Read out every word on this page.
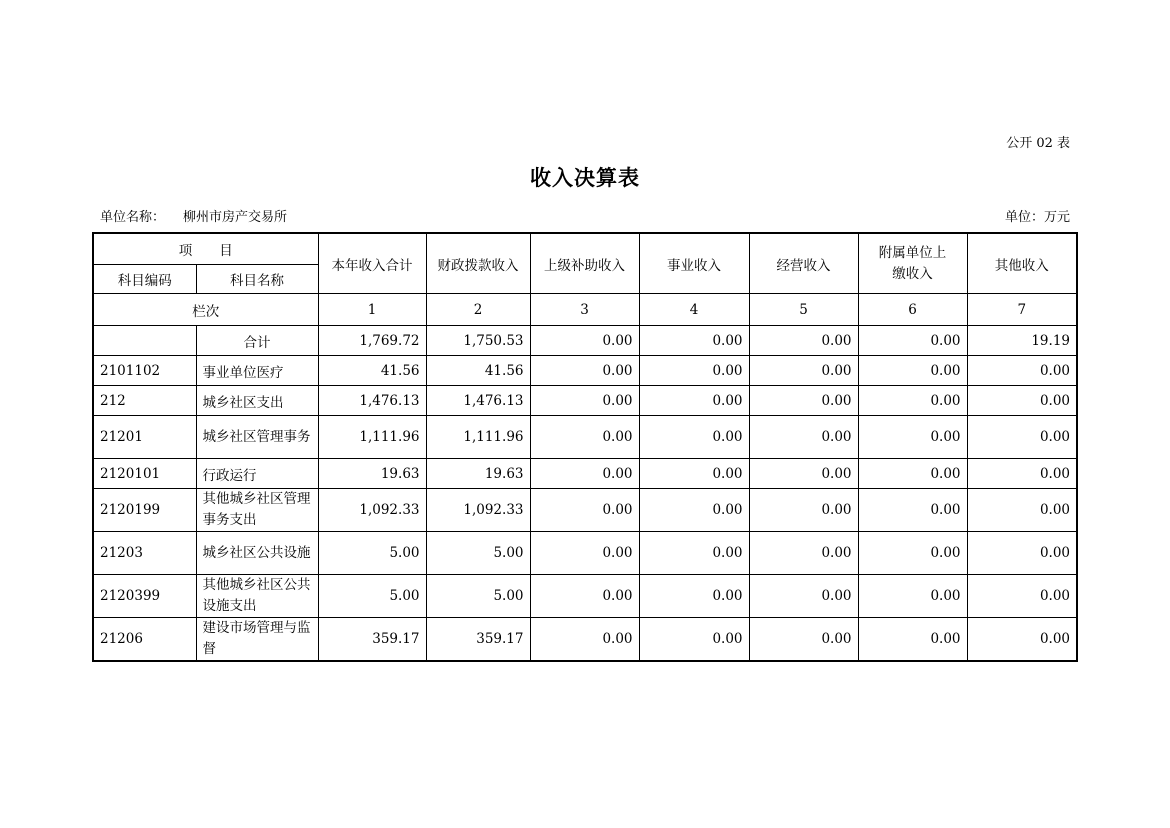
公开 02 表
收入决算表
单位名称： 柳州市房产交易所	单位：万元
项　　目		本年收入合计	财政拨款收入	上级补助收入	事业收入	经营收入	附属单位上缴收入	其他收入
科目编码	科目名称							
栏次		1	2	3	4	5	6	7
	合计	1,769.72	1,750.53	0.00	0.00	0.00	0.00	19.19
2101102	事业单位医疗	41.56	41.56	0.00	0.00	0.00	0.00	0.00
212	城乡社区支出	1,476.13	1,476.13	0.00	0.00	0.00	0.00	0.00
21201	城乡社区管理事务	1,111.96	1,111.96	0.00	0.00	0.00	0.00	0.00
2120101	行政运行	19.63	19.63	0.00	0.00	0.00	0.00	0.00
2120199	其他城乡社区管理事务支出	1,092.33	1,092.33	0.00	0.00	0.00	0.00	0.00
21203	城乡社区公共设施	5.00	5.00	0.00	0.00	0.00	0.00	0.00
2120399	其他城乡社区公共设施支出	5.00	5.00	0.00	0.00	0.00	0.00	0.00
21206	建设市场管理与监督	359.17	359.17	0.00	0.00	0.00	0.00	0.00
